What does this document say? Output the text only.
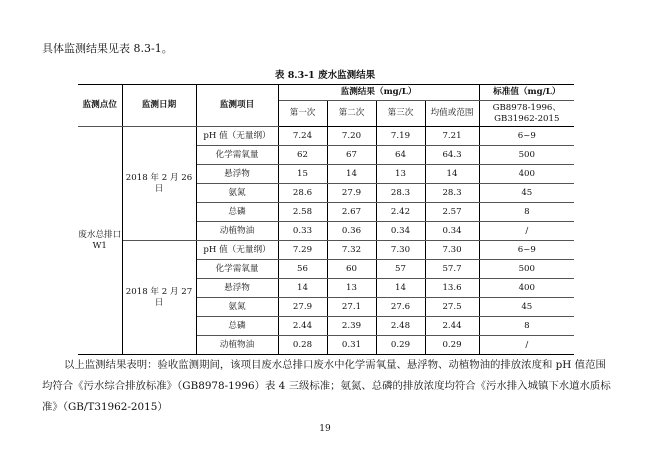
具体监测结果见表 8.3-1。
表 8.3-1 废水监测结果
监测点位	监测日期	监测项目	监测结果（mg/L）				标准值（mg/L）
			第一次	第二次	第三次	均值或范围	GB8978-1996、GB31962-2015
废水总排口 W1	2018 年 2 月 26 日	pH 值（无量纲）	7.24	7.20	7.19	7.21	6~9
		化学需氧量	62	67	64	64.3	500
		悬浮物	15	14	13	14	400
		氨氮	28.6	27.9	28.3	28.3	45
		总磷	2.58	2.67	2.42	2.57	8
		动植物油	0.33	0.36	0.34	0.34	/
	2018 年 2 月 27 日	pH 值（无量纲）	7.29	7.32	7.30	7.30	6~9
		化学需氧量	56	60	57	57.7	500
		悬浮物	14	13	14	13.6	400
		氨氮	27.9	27.1	27.6	27.5	45
		总磷	2.44	2.39	2.48	2.44	8
		动植物油	0.28	0.31	0.29	0.29	/
以上监测结果表明：验收监测期间，该项目废水总排口废水中化学需氧量、悬浮物、动植物油的排放浓度和 pH 值范围均符合《污水综合排放标准》（GB8978-1996）表 4 三级标准；氨氮、总磷的排放浓度均符合《污水排入城镇下水道水质标准》（GB/T31962-2015）
19
